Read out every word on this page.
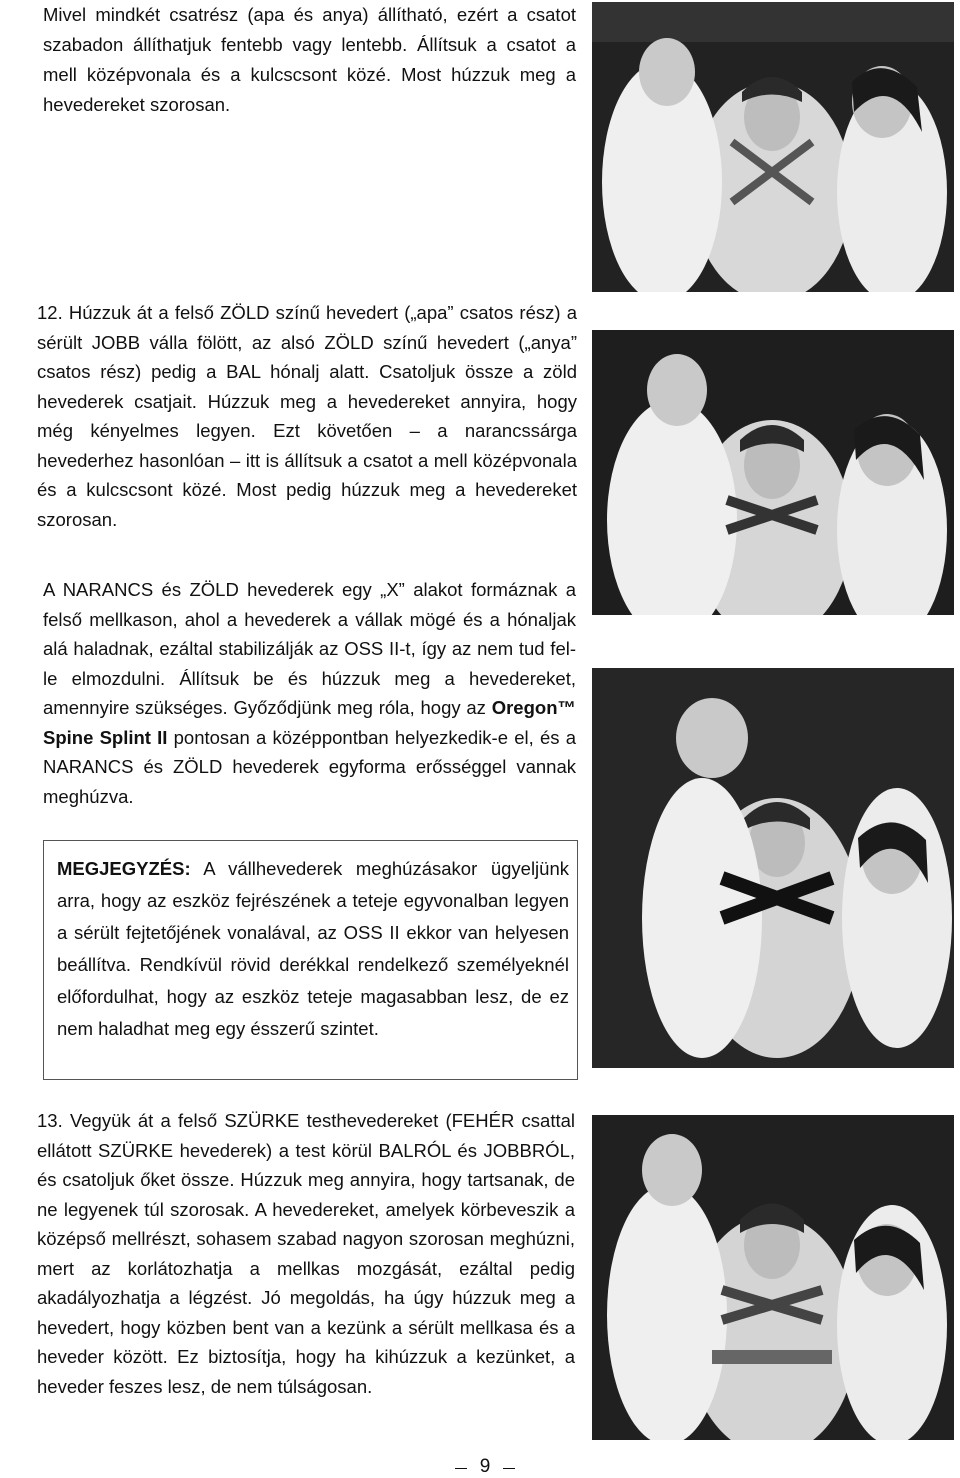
Mivel mindkét csatrész (apa és anya) állítható, ezért a csatot szabadon állíthatjuk fentebb vagy lentebb. Állítsuk a csatot a mell középvonala és a kulcscsont közé. Most húzzuk meg a hevedereket szorosan.
12. Húzzuk át a felső ZÖLD színű hevedert („apa” csatos rész) a sérült JOBB válla fölött, az alsó ZÖLD színű hevedert („anya” csatos rész) pedig a BAL hónalj alatt. Csatoljuk össze a zöld hevederek csatjait. Húzzuk meg a hevedereket annyira, hogy még kényelmes legyen. Ezt követően – a narancssárga hevederhez hasonlóan – itt is állítsuk a csatot a mell középvonala és a kulcscsont közé. Most pedig húzzuk meg a hevedereket szorosan.
A NARANCS és ZÖLD hevederek egy „X” alakot formáznak a felső mellkason, ahol a hevederek a vállak mögé és a hónaljak alá haladnak, ezáltal stabilizálják az OSS II-t, így az nem tud fel-le elmozdulni. Állítsuk be és húzzuk meg a hevedereket, amennyire szükséges. Győződjünk meg róla, hogy az Oregon™ Spine Splint II pontosan a középpontban helyezkedik-e el, és a NARANCS és ZÖLD hevederek egyforma erősséggel vannak meghúzva.
MEGJEGYZÉS: A vállhevederek meghúzásakor ügyeljünk arra, hogy az eszköz fejrészének a teteje egyvonalban legyen a sérült fejtetőjének vonalával, az OSS II ekkor van helyesen beállítva. Rendkívül rövid derékkal rendelkező személyeknél előfordulhat, hogy az eszköz teteje magasabban lesz, de ez nem haladhat meg egy ésszerű szintet.
13. Vegyük át a felső SZÜRKE testhevedereket (FEHÉR csattal ellátott SZÜRKE hevederek) a test körül BALRÓL és JOBBRÓL, és csatoljuk őket össze. Húzzuk meg annyira, hogy tartsanak, de ne legyenek túl szorosak. A hevedereket, amelyek körbeveszik a középső mellrészt, sohasem szabad nagyon szorosan meghúzni, mert az korlátozhatja a mellkas mozgását, ezáltal pedig akadályozhatja a légzést. Jó megoldás, ha úgy húzzuk meg a hevedert, hogy közben bent van a kezünk a sérült mellkasa és a heveder között. Ez biztosítja, hogy ha kihúzzuk a kezünket, a heveder feszes lesz, de nem túlságosan.
9
